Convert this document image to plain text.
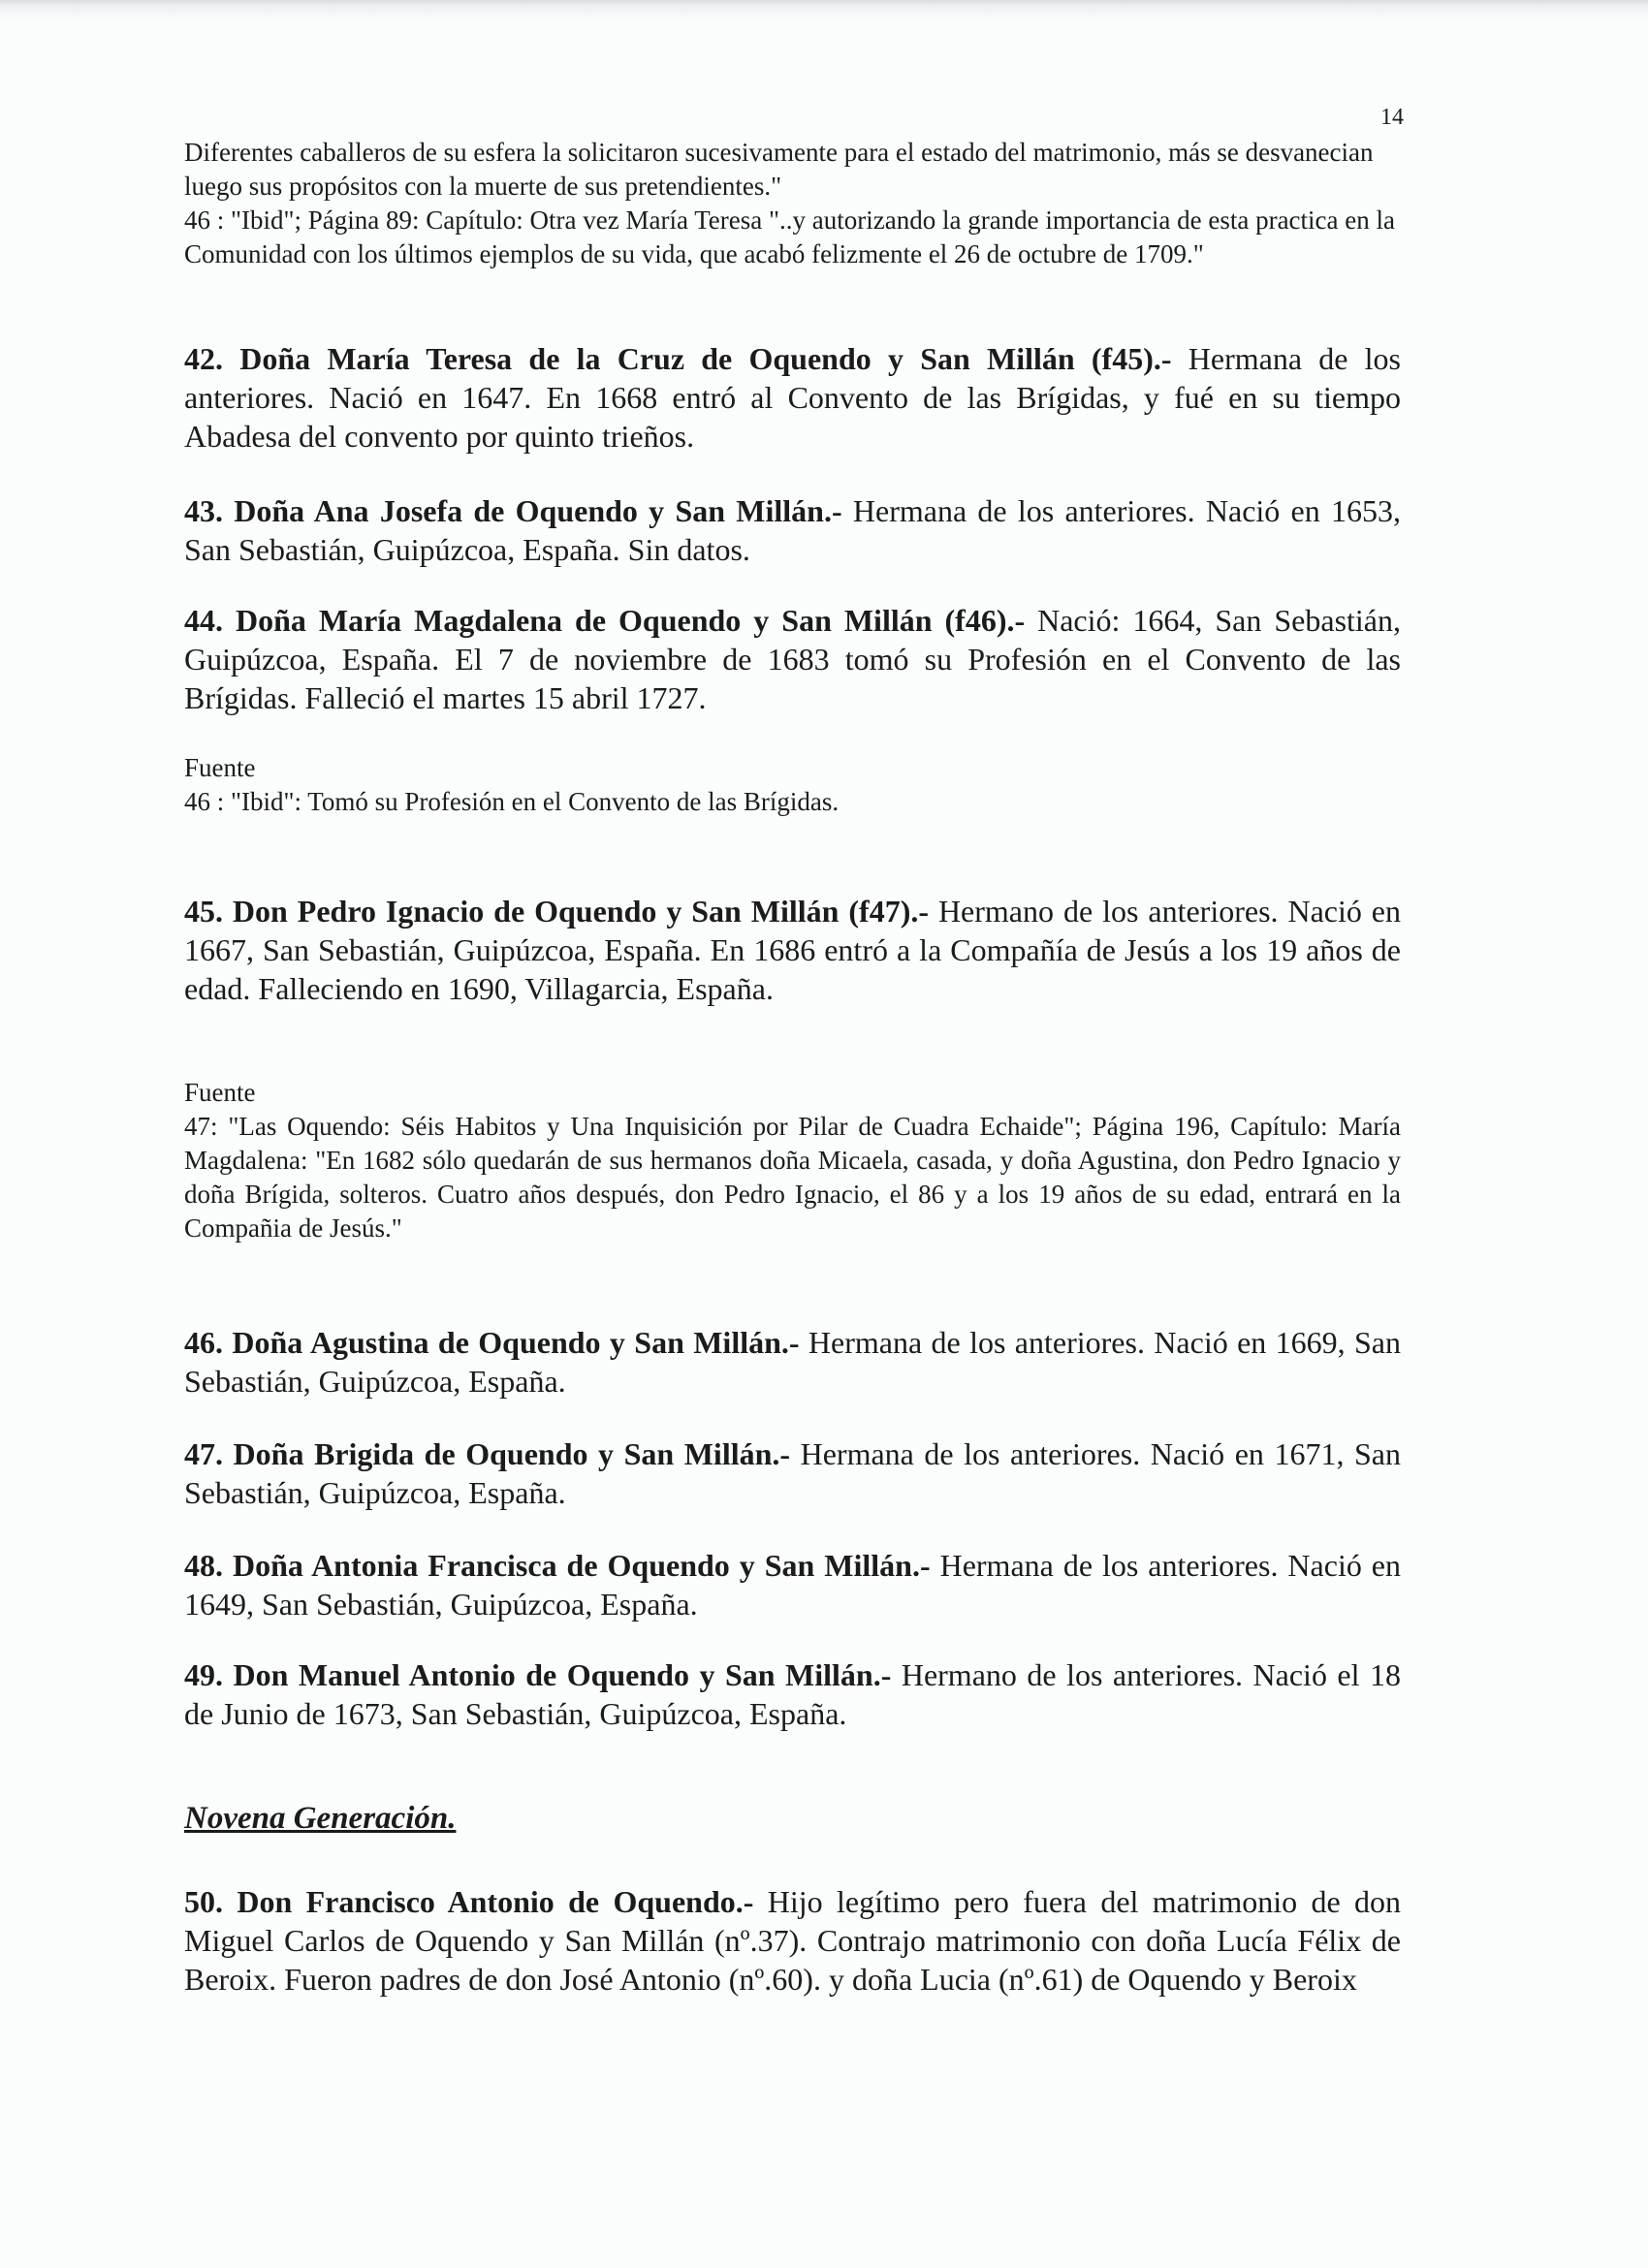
14

Diferentes caballeros de su esfera la solicitaron sucesivamente para el estado del matrimonio, más se desvanecian luego sus propósitos con la muerte de sus pretendientes."

46 : "Ibid"; Página 89: Capítulo: Otra vez María Teresa "..y autorizando la grande importancia de esta practica en la Comunidad con los últimos ejemplos de su vida, que acabó felizmente el 26 de octubre de 1709."

42. Doña María Teresa de la Cruz de Oquendo y San Millán (f45).- Hermana de los anteriores. Nació en 1647. En 1668 entró al Convento de las Brígidas, y fué en su tiempo Abadesa del convento por quinto trieños.
43. Doña Ana Josefa de Oquendo y San Millán.- Hermana de los anteriores. Nació en 1653, San Sebastián, Guipúzcoa, España. Sin datos.
44. Doña María Magdalena de Oquendo y San Millán (f46).- Nació: 1664, San Sebastián, Guipúzcoa, España. El 7 de noviembre de 1683 tomó su Profesión en el Convento de las Brígidas. Falleció el martes 15 abril 1727.

Fuente

46 : "Ibid": Tomó su Profesión en el Convento de las Brígidas.

45. Don Pedro Ignacio de Oquendo y San Millán (f47).- Hermano de los anteriores. Nació en 1667, San Sebastián, Guipúzcoa, España. En 1686 entró a la Compañía de Jesús a los 19 años de edad. Falleciendo en 1690, Villagarcia, España.

Fuente

47: "Las Oquendo: Séis Habitos y Una Inquisición por Pilar de Cuadra Echaide"; Página 196, Capítulo: María Magdalena: "En 1682 sólo quedarán de sus hermanos doña Micaela, casada, y doña Agustina, don Pedro Ignacio y doña Brígida, solteros. Cuatro años después, don Pedro Ignacio, el 86 y a los 19 años de su edad, entrará en la Compañia de Jesús."

46. Doña Agustina de Oquendo y San Millán.- Hermana de los anteriores. Nació en 1669, San Sebastián, Guipúzcoa, España.
47. Doña Brigida de Oquendo y San Millán.- Hermana de los anteriores. Nació en 1671, San Sebastián, Guipúzcoa, España.
48. Doña Antonia Francisca de Oquendo y San Millán.- Hermana de los anteriores. Nació en 1649, San Sebastián, Guipúzcoa, España.
49. Don Manuel Antonio de Oquendo y San Millán.- Hermano de los anteriores. Nació el 18 de Junio de 1673, San Sebastián, Guipúzcoa, España.
Novena Generación.
50. Don Francisco Antonio de Oquendo.- Hijo legítimo pero fuera del matrimonio de don Miguel Carlos de Oquendo y San Millán (nº.37). Contrajo matrimonio con doña Lucía Félix de Beroix. Fueron padres de don José Antonio (nº.60). y doña Lucia (nº.61) de Oquendo y Beroix
